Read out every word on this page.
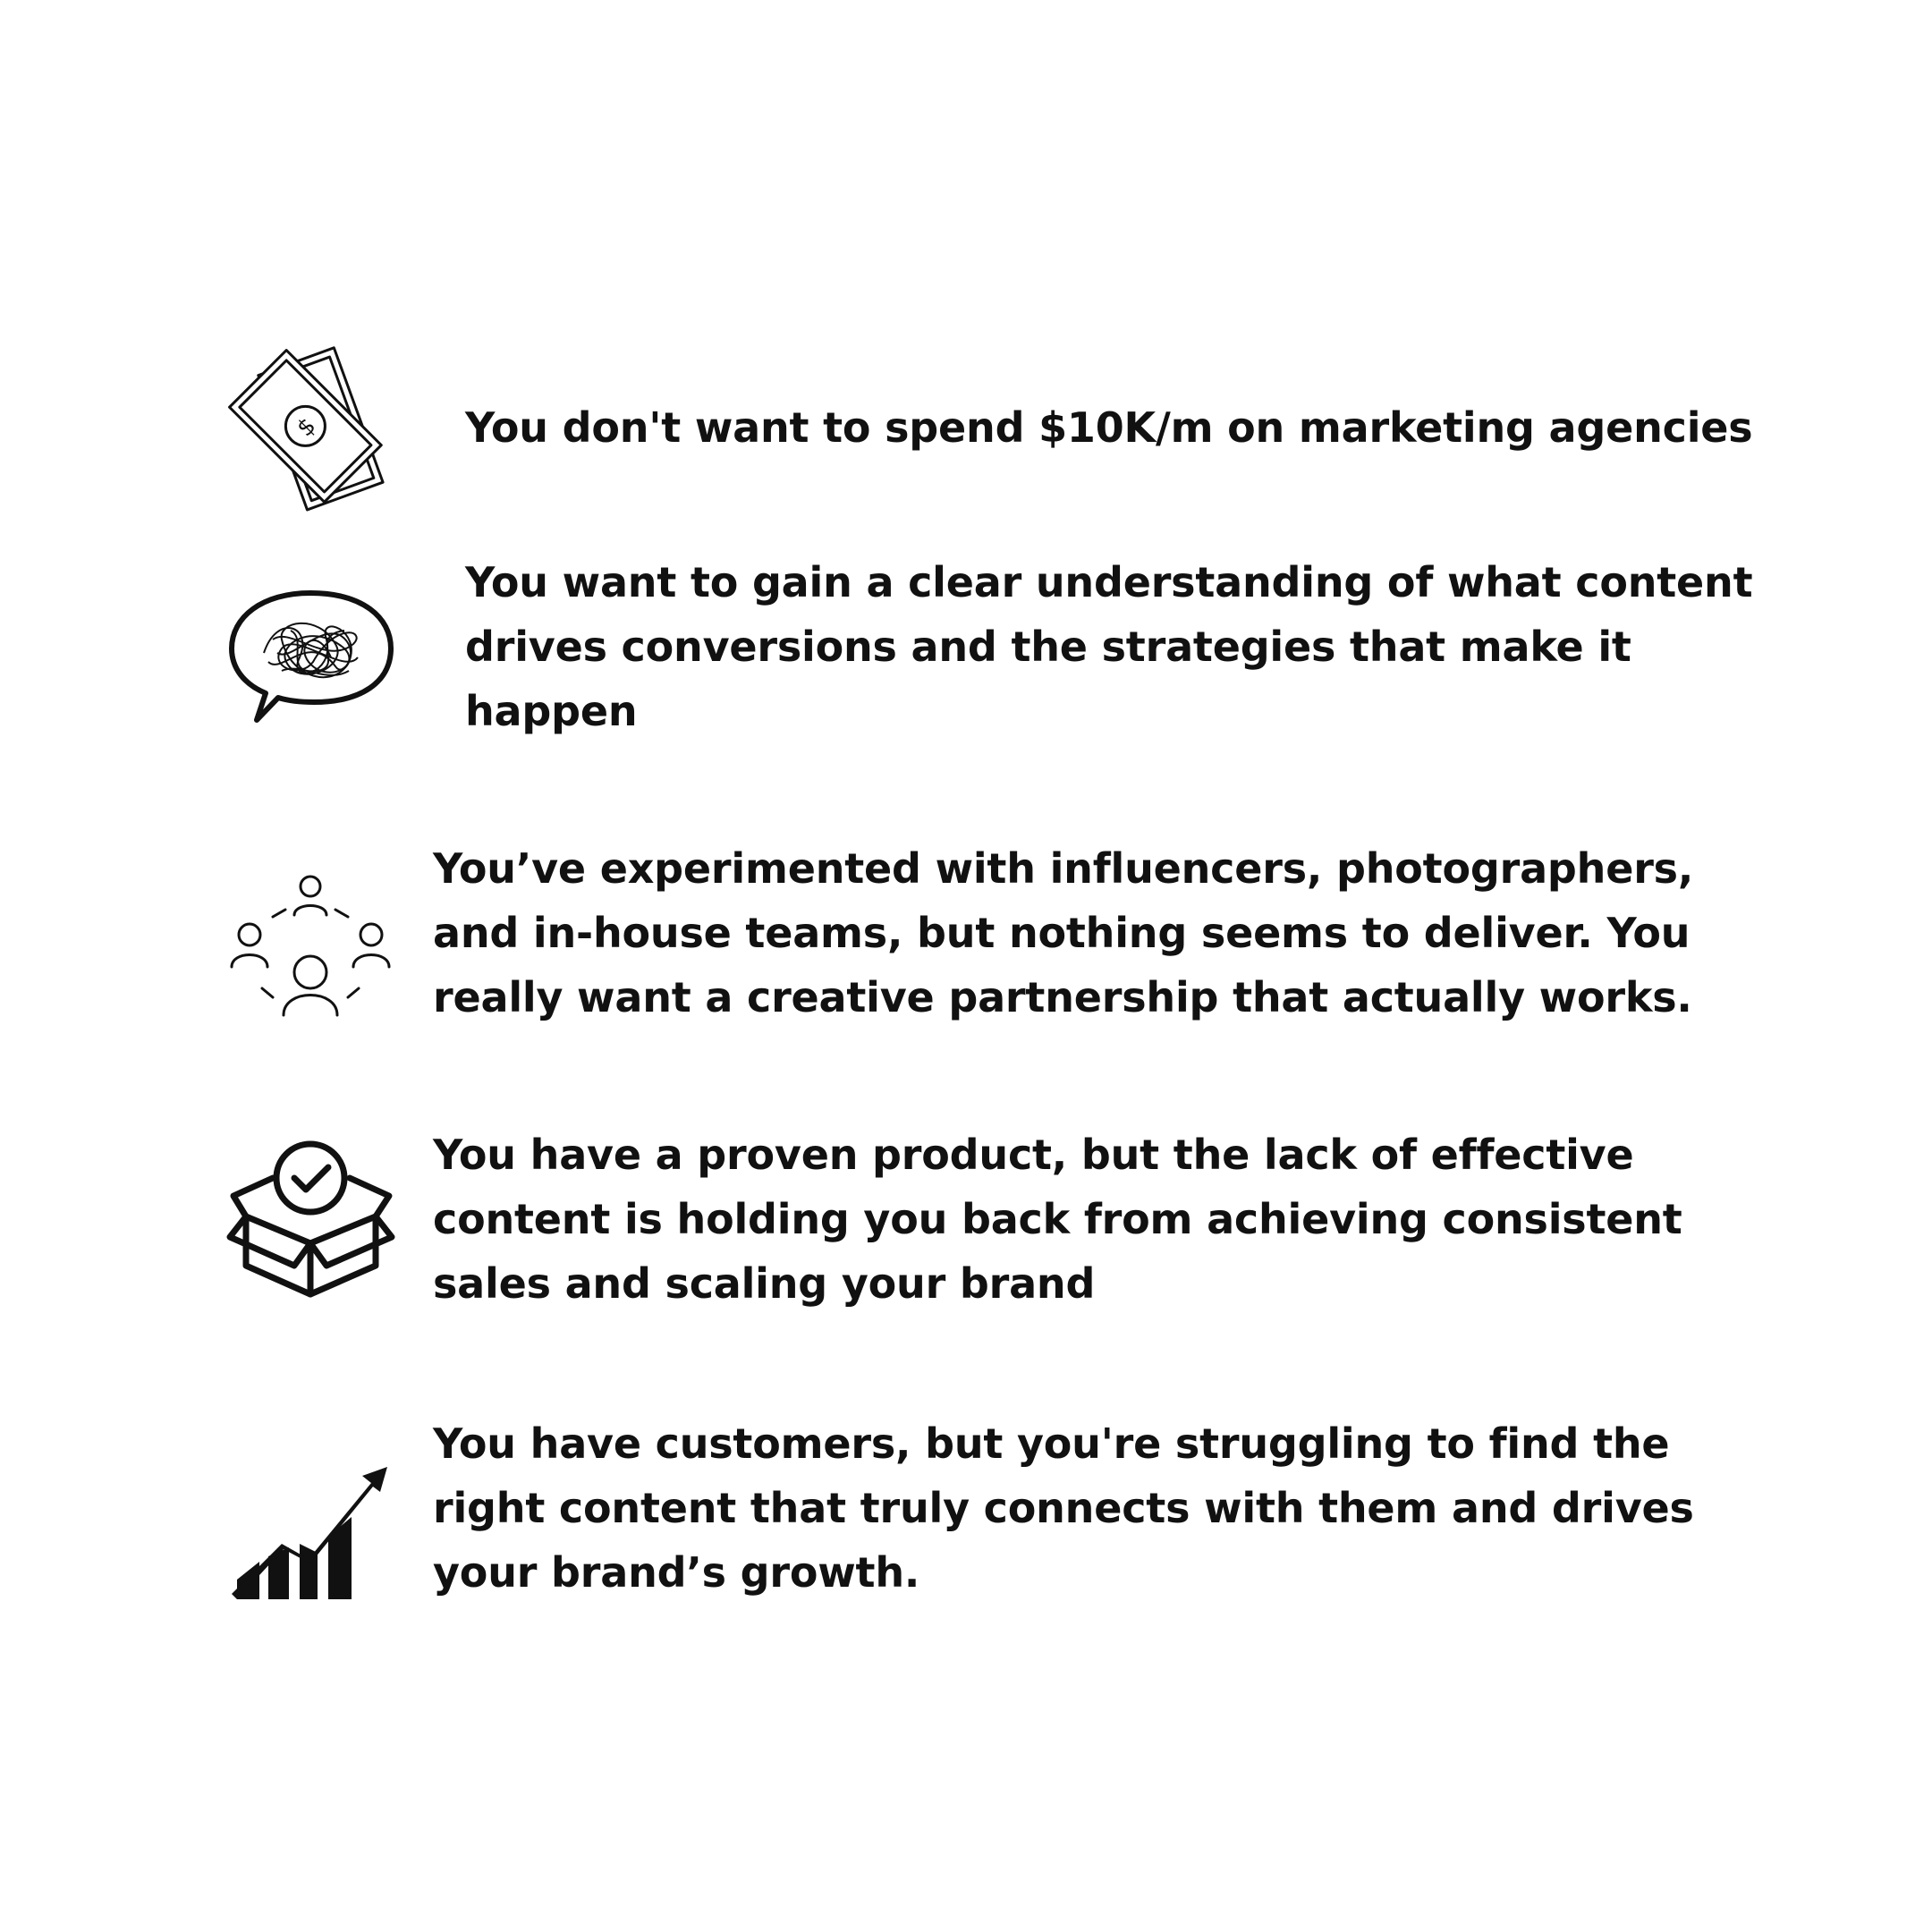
$	You don't want to spend $10K/m on marketing agencies

You want to gain a clear understanding of what content
drives conversions and the strategies that make it
happen

You’ve experimented with influencers, photographers,
and in-house teams, but nothing seems to deliver. You
really want a creative partnership that actually works.

You have a proven product, but the lack of effective
content is holding you back from achieving consistent
sales and scaling your brand

You have customers, but you're struggling to find the
right content that truly connects with them and drives
your brand’s growth.
